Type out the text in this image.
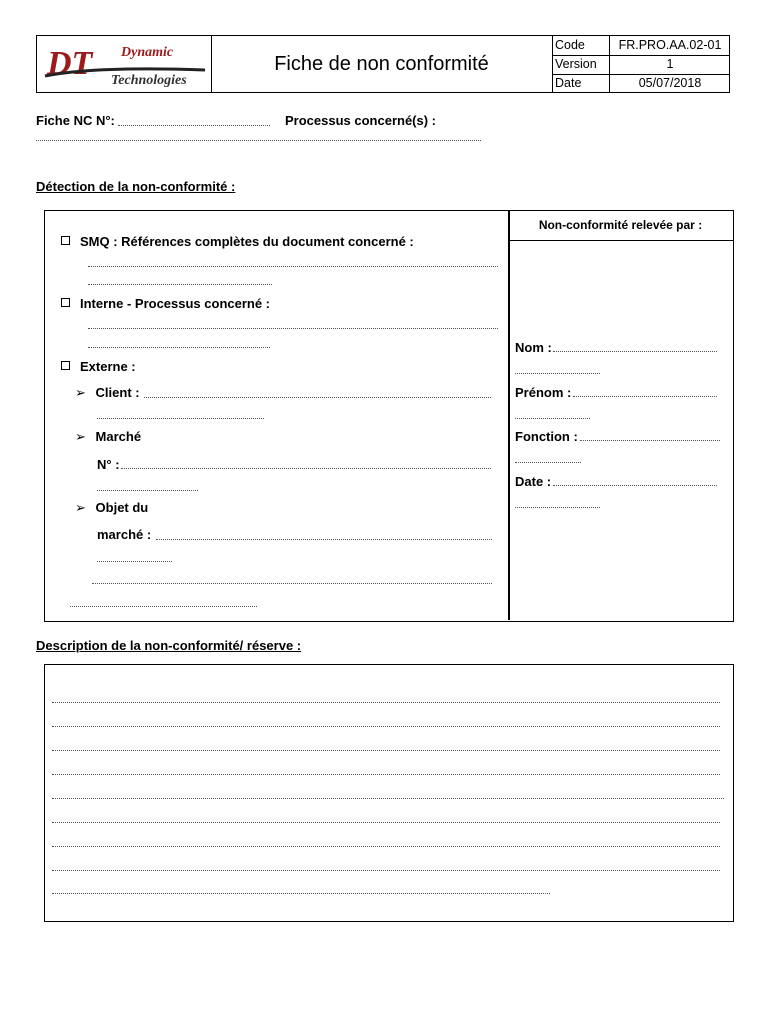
DT Dynamic
Technologies
Fiche de non conformité
Code	FR.PRO.AA.02-01
Version	1
Date	05/07/2018
Fiche NC N°:	Processus concerné(s) :
Détection de la non-conformité :
Non-conformité relevée par :
SMQ : Références complètes du document concerné :
Interne - Processus concerné :
Externe :
➢ Client :
➢ Marché
N° :
➢ Objet du
marché :
Nom :
Prénom :
Fonction :
Date :
Description de la non-conformité/ réserve :
